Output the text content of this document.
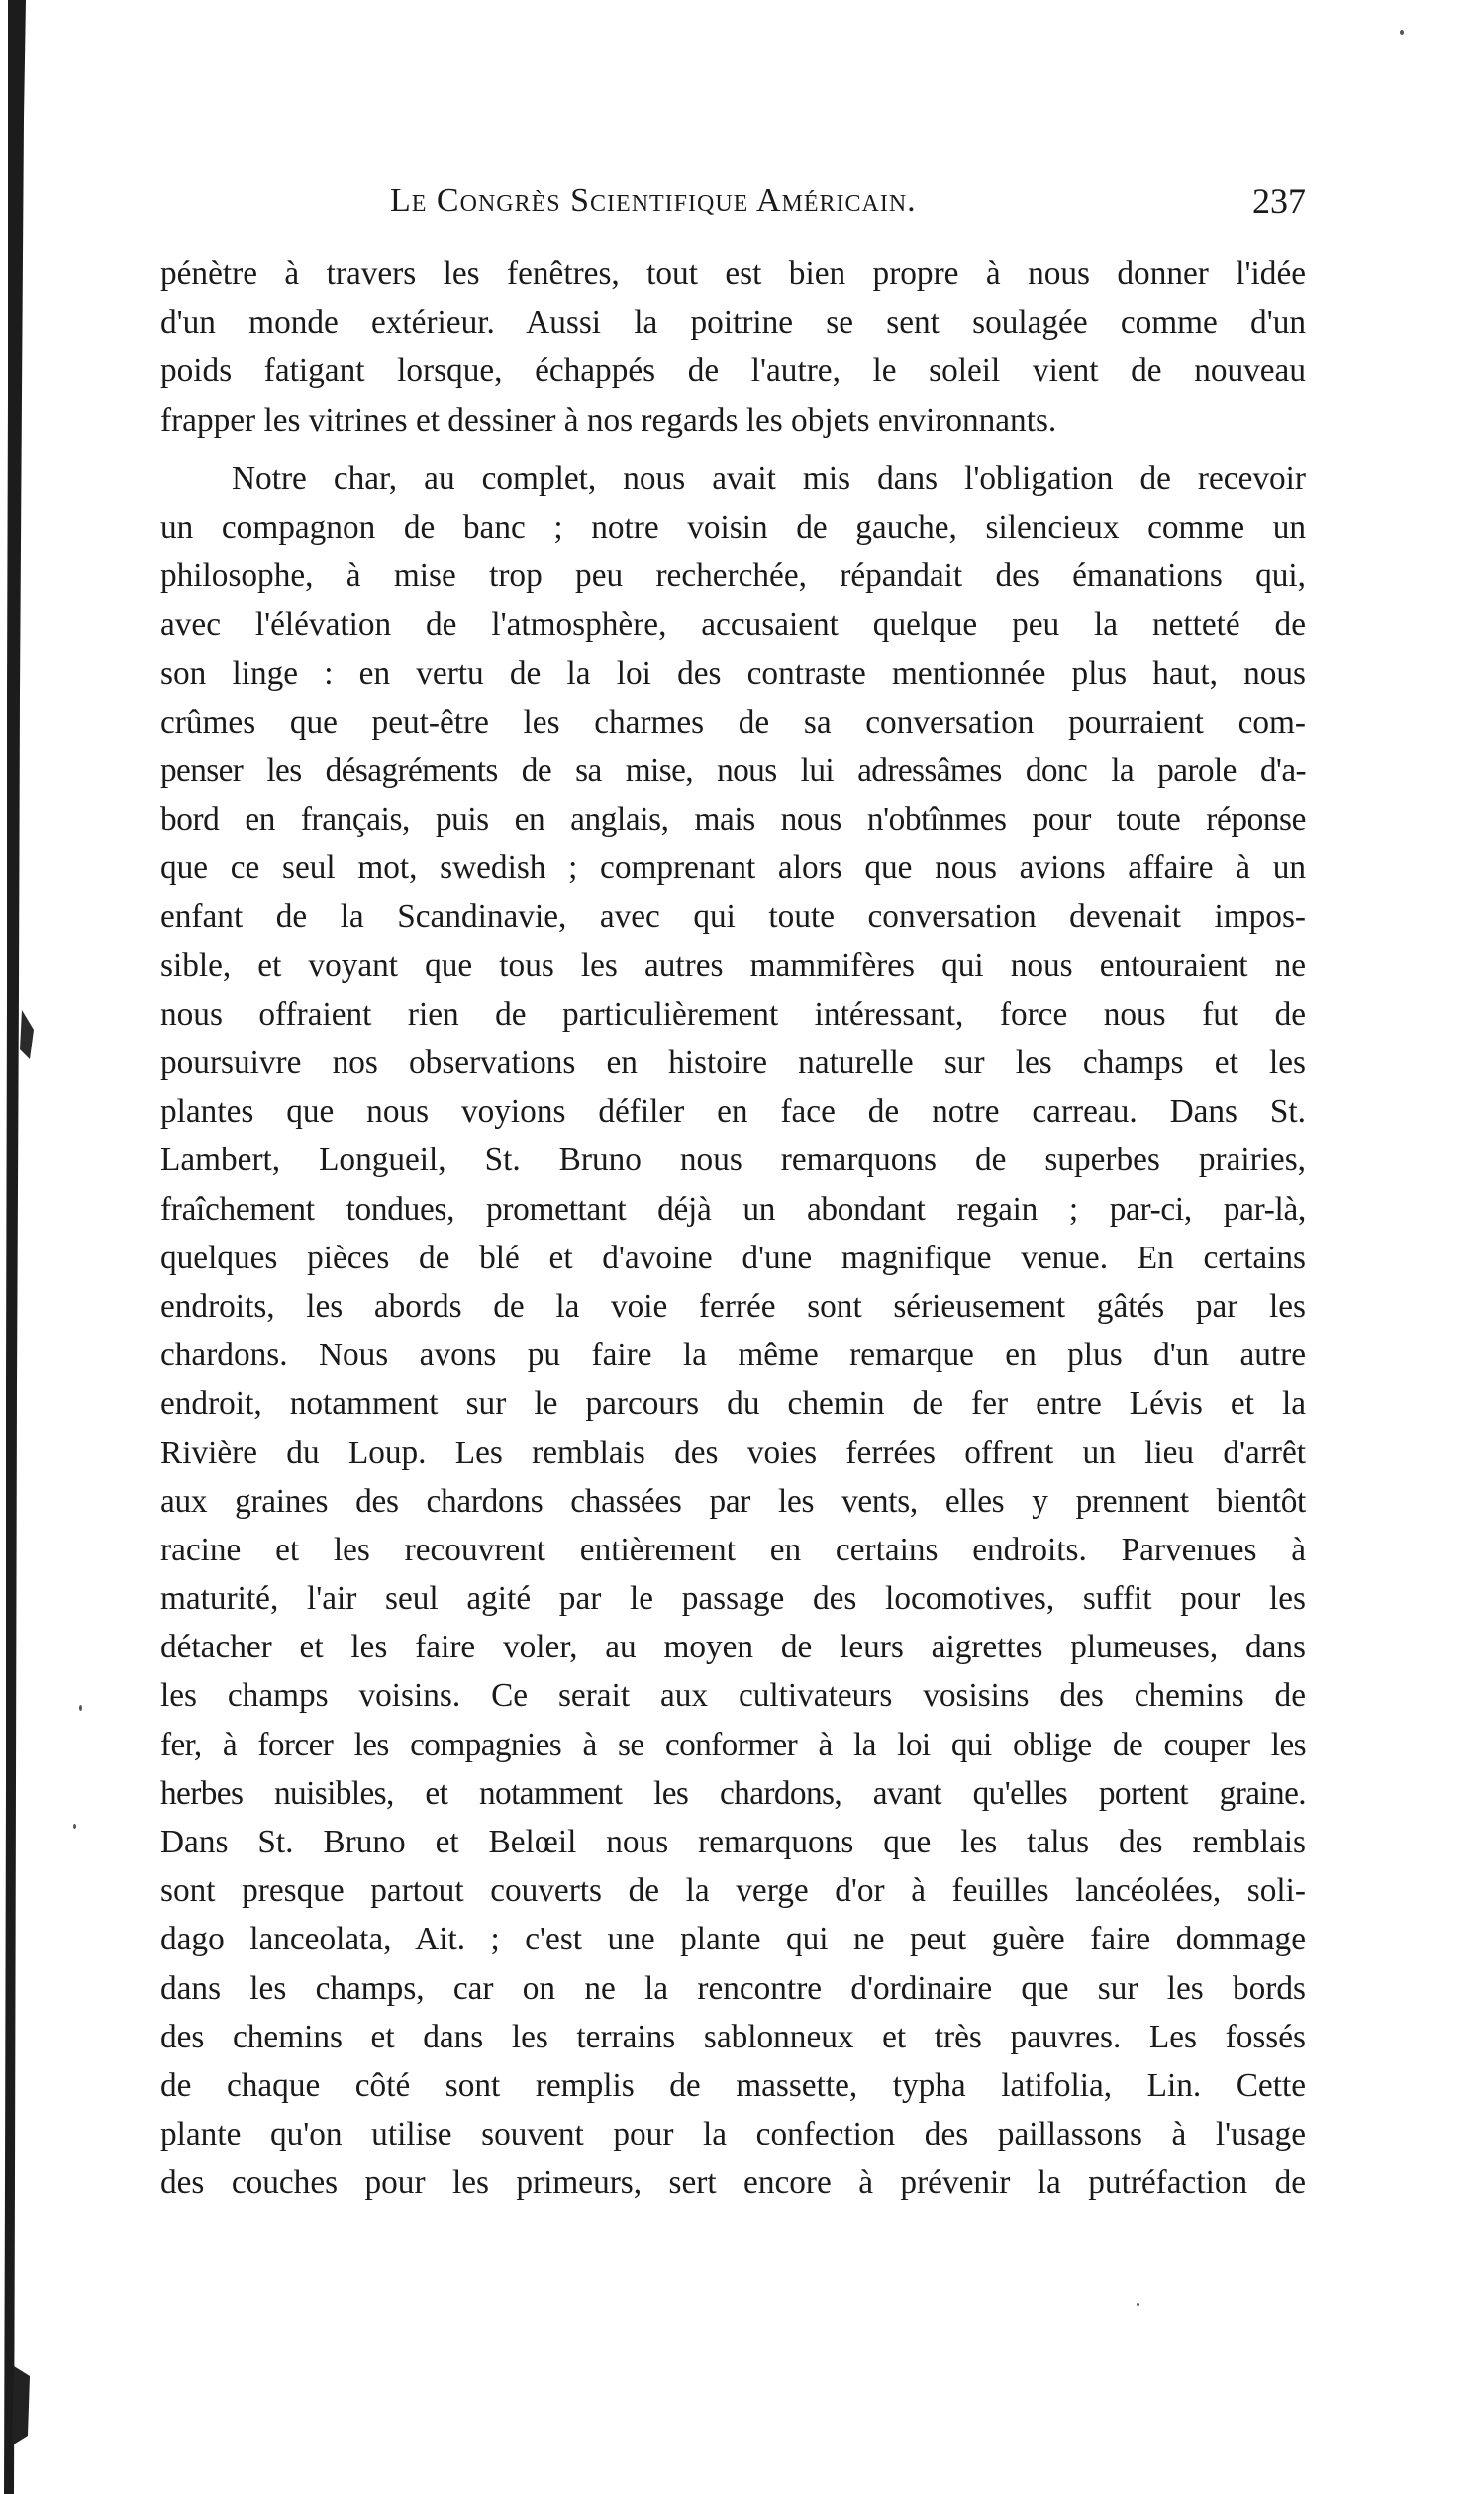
Le Congrès Scientifique Américain.	237

pénètre à travers les fenêtres, tout est bien propre à nous donner l'idée
d'un monde extérieur. Aussi la poitrine se sent soulagée comme d'un
poids fatigant lorsque, échappés de l'autre, le soleil vient de nouveau
frapper les vitrines et dessiner à nos regards les objets environnants.

Notre char, au complet, nous avait mis dans l'obligation de recevoir
un compagnon de banc ; notre voisin de gauche, silencieux comme un
philosophe, à mise trop peu recherchée, répandait des émanations qui,
avec l'élévation de l'atmosphère, accusaient quelque peu la netteté de
son linge : en vertu de la loi des contraste mentionnée plus haut, nous
crûmes que peut-être les charmes de sa conversation pourraient com-
penser les désagréments de sa mise, nous lui adressâmes donc la parole d'a-
bord en français, puis en anglais, mais nous n'obtînmes pour toute réponse
que ce seul mot, swedish ; comprenant alors que nous avions affaire à un
enfant de la Scandinavie, avec qui toute conversation devenait impos-
sible, et voyant que tous les autres mammifères qui nous entouraient ne
nous offraient rien de particulièrement intéressant, force nous fut de
poursuivre nos observations en histoire naturelle sur les champs et les
plantes que nous voyions défiler en face de notre carreau. Dans St.
Lambert, Longueil, St. Bruno nous remarquons de superbes prairies,
fraîchement tondues, promettant déjà un abondant regain ; par-ci, par-là,
quelques pièces de blé et d'avoine d'une magnifique venue. En certains
endroits, les abords de la voie ferrée sont sérieusement gâtés par les
chardons. Nous avons pu faire la même remarque en plus d'un autre
endroit, notamment sur le parcours du chemin de fer entre Lévis et la
Rivière du Loup. Les remblais des voies ferrées offrent un lieu d'arrêt
aux graines des chardons chassées par les vents, elles y prennent bientôt
racine et les recouvrent entièrement en certains endroits. Parvenues à
maturité, l'air seul agité par le passage des locomotives, suffit pour les
détacher et les faire voler, au moyen de leurs aigrettes plumeuses, dans
les champs voisins. Ce serait aux cultivateurs vosisins des chemins de
fer, à forcer les compagnies à se conformer à la loi qui oblige de couper les
herbes nuisibles, et notamment les chardons, avant qu'elles portent graine.
Dans St. Bruno et Belœil nous remarquons que les talus des remblais
sont presque partout couverts de la verge d'or à feuilles lancéolées, soli-
dago lanceolata, Ait. ; c'est une plante qui ne peut guère faire dommage
dans les champs, car on ne la rencontre d'ordinaire que sur les bords
des chemins et dans les terrains sablonneux et très pauvres. Les fossés
de chaque côté sont remplis de massette, typha latifolia, Lin. Cette
plante qu'on utilise souvent pour la confection des paillassons à l'usage
des couches pour les primeurs, sert encore à prévenir la putréfaction de
